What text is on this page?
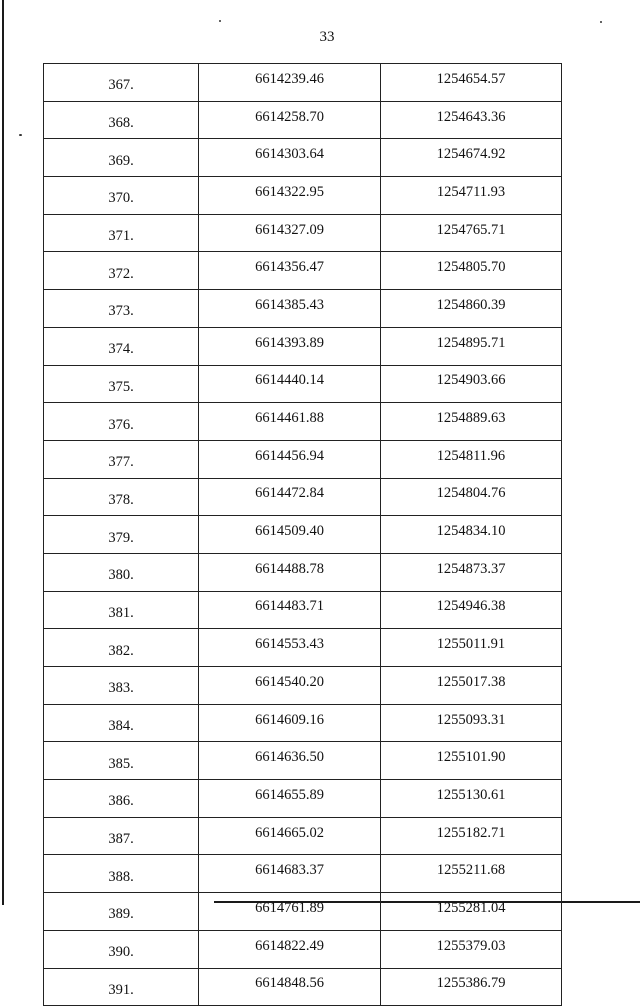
33
367.	6614239.46	1254654.57
368.	6614258.70	1254643.36
369.	6614303.64	1254674.92
370.	6614322.95	1254711.93
371.	6614327.09	1254765.71
372.	6614356.47	1254805.70
373.	6614385.43	1254860.39
374.	6614393.89	1254895.71
375.	6614440.14	1254903.66
376.	6614461.88	1254889.63
377.	6614456.94	1254811.96
378.	6614472.84	1254804.76
379.	6614509.40	1254834.10
380.	6614488.78	1254873.37
381.	6614483.71	1254946.38
382.	6614553.43	1255011.91
383.	6614540.20	1255017.38
384.	6614609.16	1255093.31
385.	6614636.50	1255101.90
386.	6614655.89	1255130.61
387.	6614665.02	1255182.71
388.	6614683.37	1255211.68
389.	6614761.89	1255281.04
390.	6614822.49	1255379.03
391.	6614848.56	1255386.79
